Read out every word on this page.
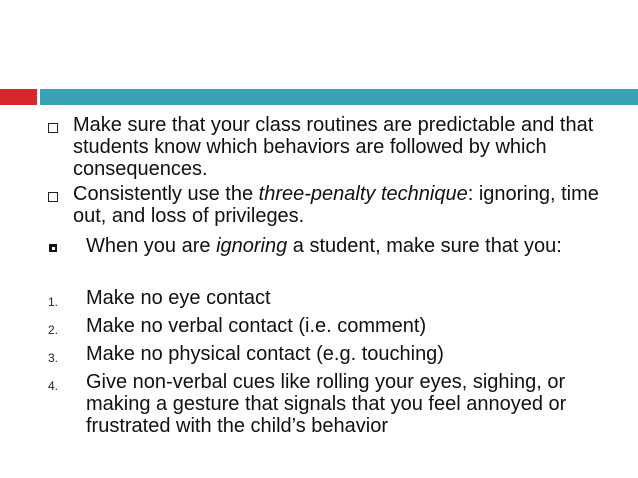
Make sure that your class routines are predictable and that students know which behaviors are followed by which consequences.
Consistently use the three-penalty technique: ignoring, time out, and loss of privileges.
When you are ignoring a student, make sure that you:
1. Make no eye contact
2. Make no verbal contact (i.e. comment)
3. Make no physical contact (e.g. touching)
4. Give non-verbal cues like rolling your eyes, sighing, or making a gesture that signals that you feel annoyed or frustrated with the child’s behavior
